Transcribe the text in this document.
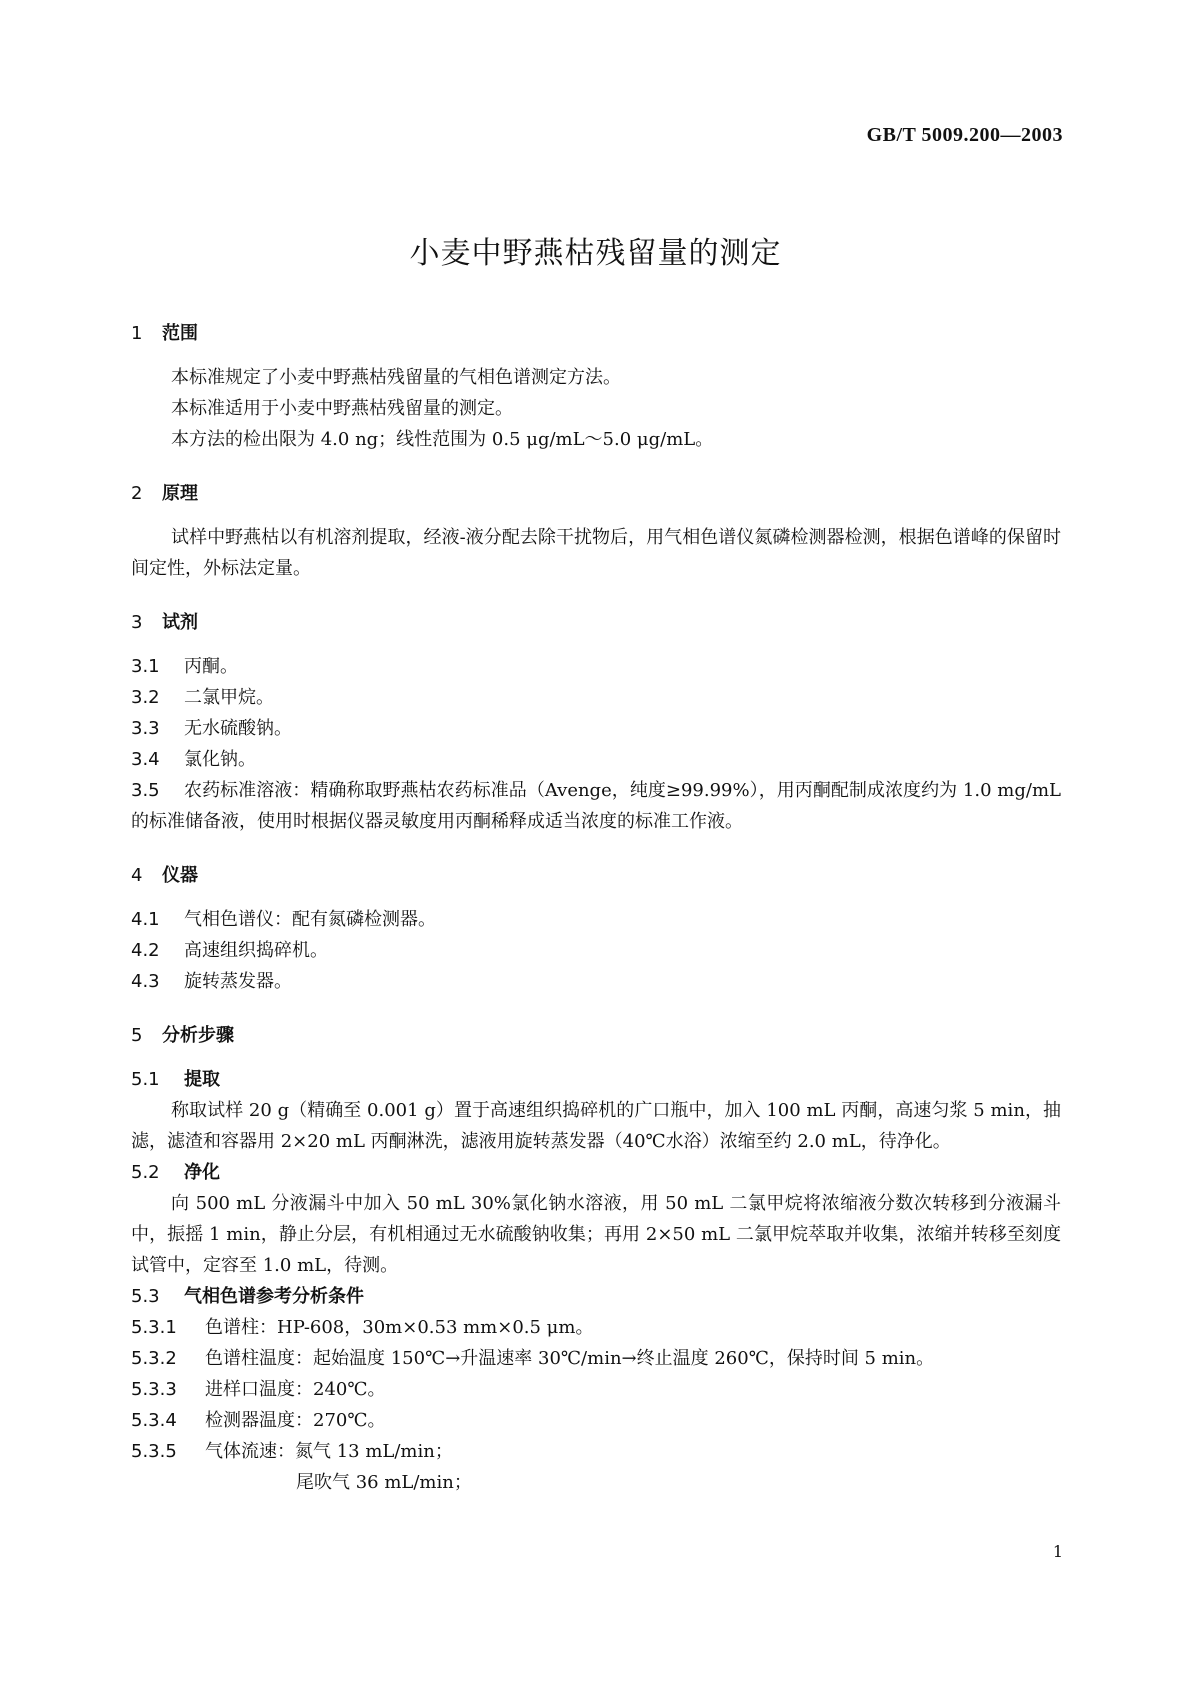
GB/T 5009.200—2003
小麦中野燕枯残留量的测定
1 范围
本标准规定了小麦中野燕枯残留量的气相色谱测定方法。
本标准适用于小麦中野燕枯残留量的测定。
本方法的检出限为 4.0 ng；线性范围为 0.5 μg/mL～5.0 μg/mL。
2 原理
试样中野燕枯以有机溶剂提取，经液-液分配去除干扰物后，用气相色谱仪氮磷检测器检测，根据色谱峰的保留时间定性，外标法定量。
3 试剂
3.1 丙酮。
3.2 二氯甲烷。
3.3 无水硫酸钠。
3.4 氯化钠。
3.5 农药标准溶液：精确称取野燕枯农药标准品（Avenge，纯度≥99.99%），用丙酮配制成浓度约为 1.0 mg/mL的标准储备液，使用时根据仪器灵敏度用丙酮稀释成适当浓度的标准工作液。
4 仪器
4.1 气相色谱仪：配有氮磷检测器。
4.2 高速组织捣碎机。
4.3 旋转蒸发器。
5 分析步骤
5.1 提取
称取试样 20 g（精确至 0.001 g）置于高速组织捣碎机的广口瓶中，加入 100 mL 丙酮，高速匀浆 5 min，抽滤，滤渣和容器用 2×20 mL 丙酮淋洗，滤液用旋转蒸发器（40℃水浴）浓缩至约 2.0 mL，待净化。
5.2 净化
向 500 mL 分液漏斗中加入 50 mL 30%氯化钠水溶液，用 50 mL 二氯甲烷将浓缩液分数次转移到分液漏斗中，振摇 1 min，静止分层，有机相通过无水硫酸钠收集；再用 2×50 mL 二氯甲烷萃取并收集，浓缩并转移至刻度试管中，定容至 1.0 mL，待测。
5.3 气相色谱参考分析条件
5.3.1 色谱柱：HP-608，30m×0.53 mm×0.5 μm。
5.3.2 色谱柱温度：起始温度 150℃→升温速率 30℃/min→终止温度 260℃，保持时间 5 min。
5.3.3 进样口温度：240℃。
5.3.4 检测器温度：270℃。
5.3.5 气体流速：氮气 13 mL/min；
尾吹气 36 mL/min；
1
